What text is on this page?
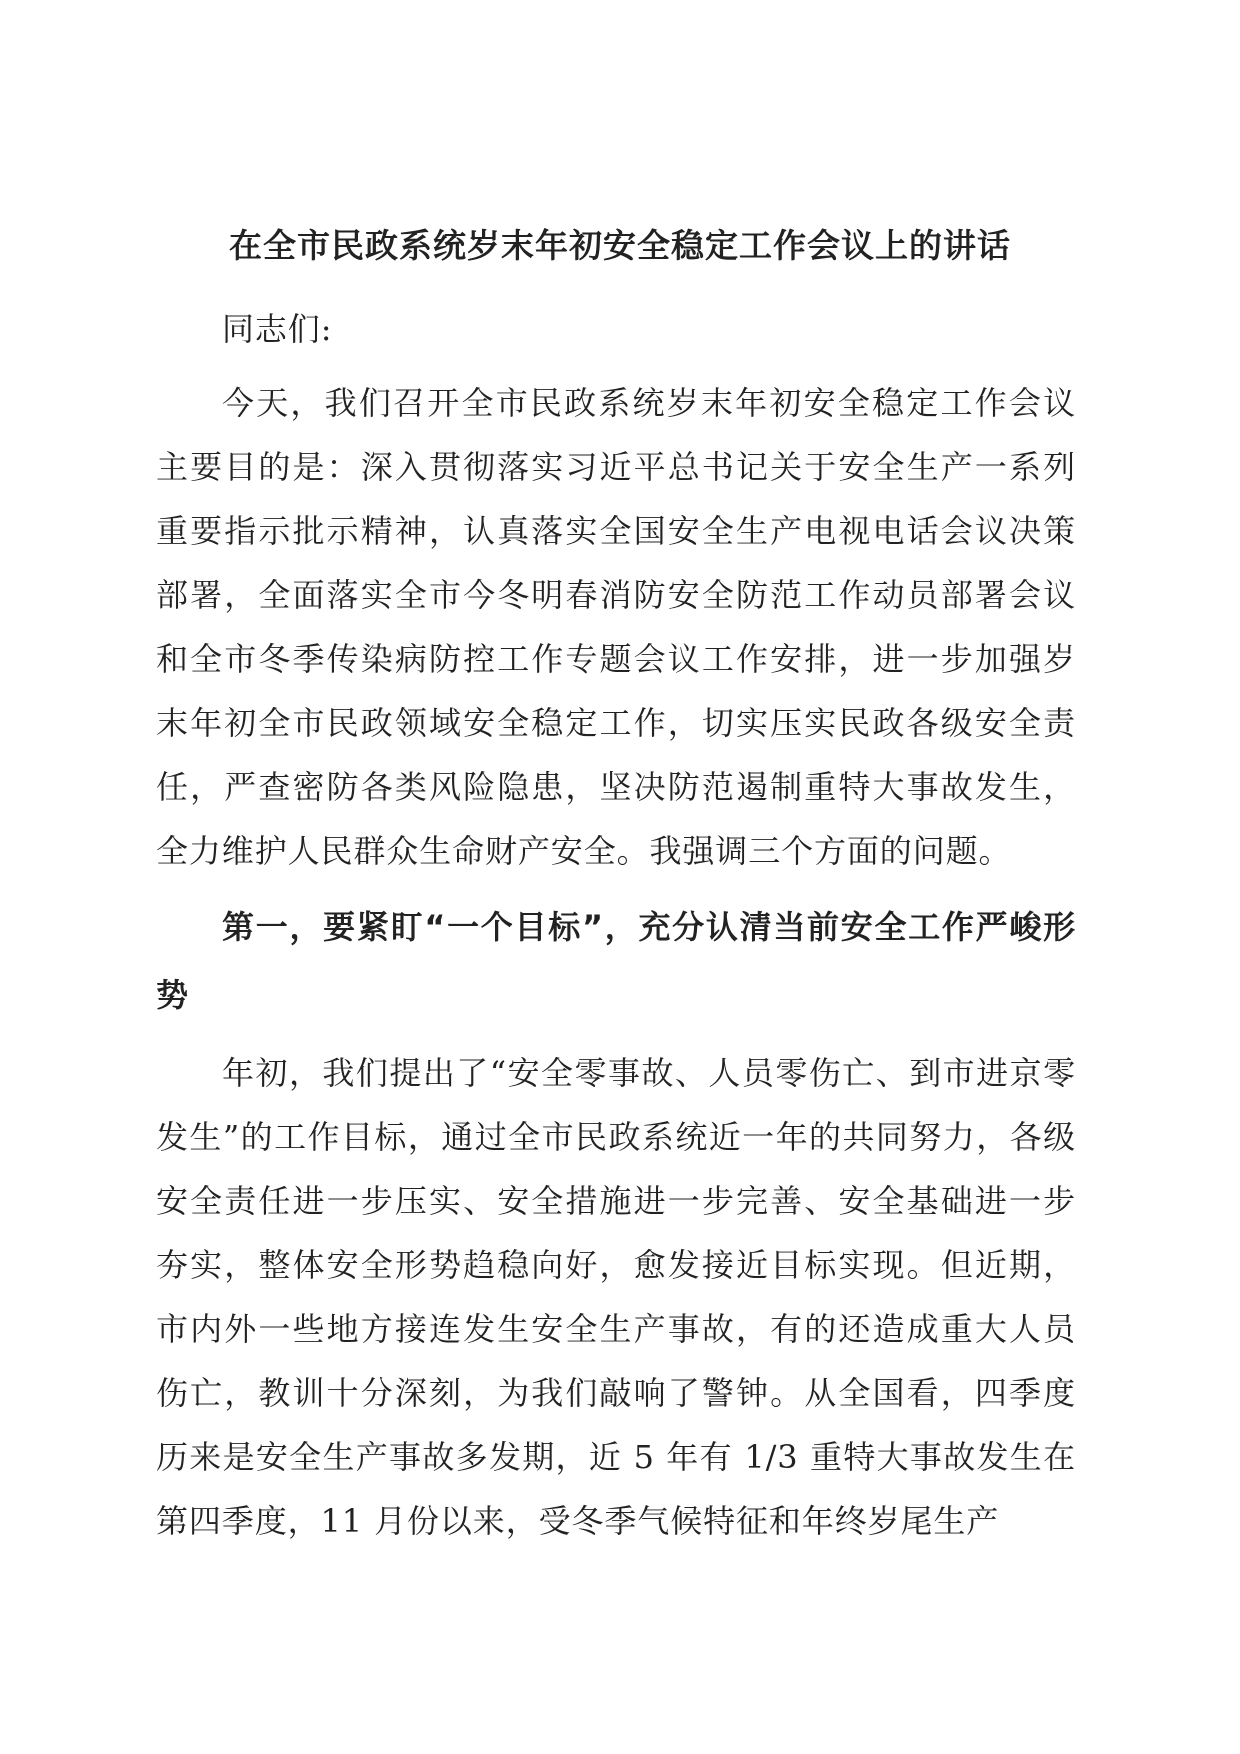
在全市民政系统岁末年初安全稳定工作会议上的讲话

同志们:

今天，我们召开全市民政系统岁末年初安全稳定工作会议主要目的是：深入贯彻落实习近平总书记关于安全生产一系列重要指示批示精神，认真落实全国安全生产电视电话会议决策部署，全面落实全市今冬明春消防安全防范工作动员部署会议和全市冬季传染病防控工作专题会议工作安排，进一步加强岁末年初全市民政领域安全稳定工作，切实压实民政各级安全责任，严查密防各类风险隐患，坚决防范遏制重特大事故发生，全力维护人民群众生命财产安全。我强调三个方面的问题。

第一，要紧盯“一个目标”，充分认清当前安全工作严峻形势

年初，我们提出了“安全零事故、人员零伤亡、到市进京零发生”的工作目标，通过全市民政系统近一年的共同努力，各级安全责任进一步压实、安全措施进一步完善、安全基础进一步夯实，整体安全形势趋稳向好，愈发接近目标实现。但近期，市内外一些地方接连发生安全生产事故，有的还造成重大人员伤亡，教训十分深刻，为我们敲响了警钟。从全国看，四季度历来是安全生产事故多发期，近 5 年有 1/3 重特大事故发生在第四季度，11 月份以来，受冬季气候特征和年终岁尾生产
